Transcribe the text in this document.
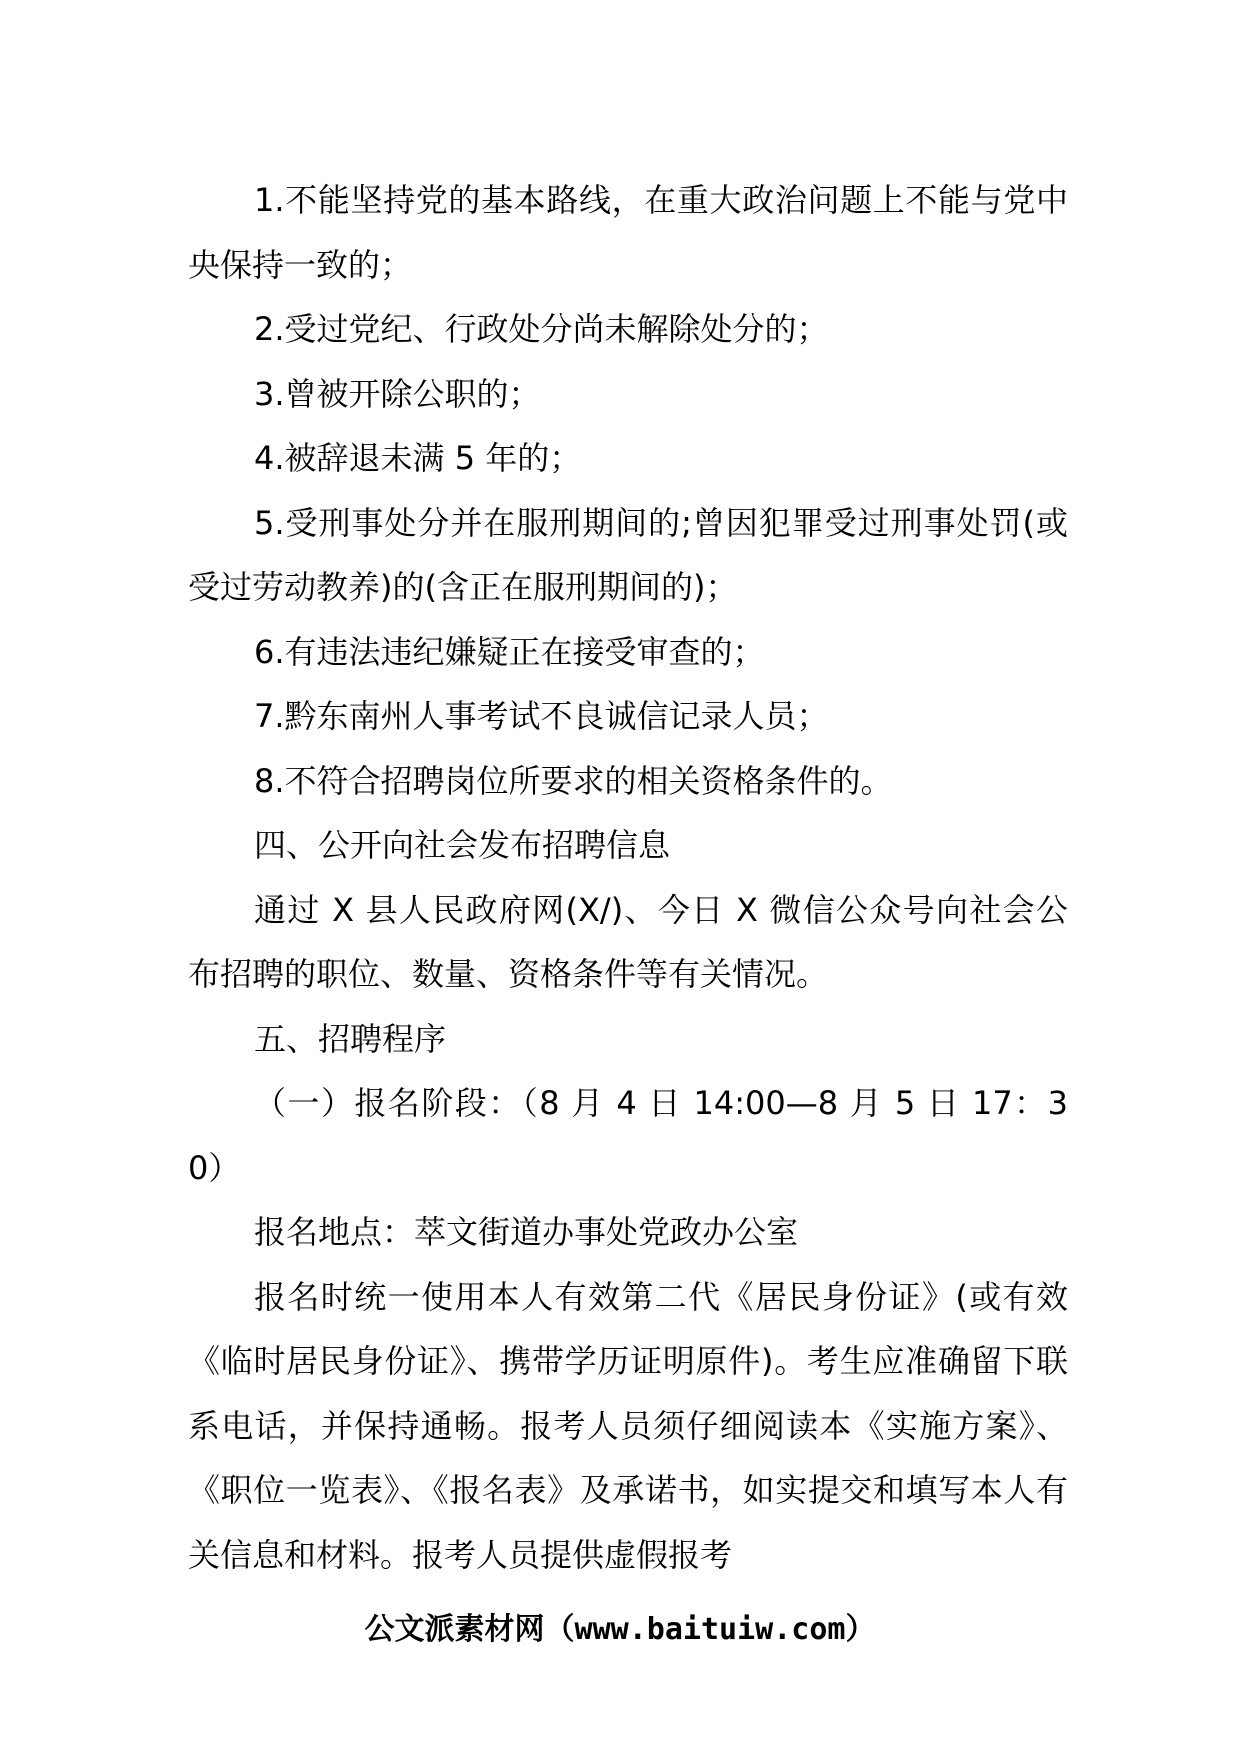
1.不能坚持党的基本路线，在重大政治问题上不能与党中央保持一致的；

2.受过党纪、行政处分尚未解除处分的；

3.曾被开除公职的；

4.被辞退未满 5 年的；

5.受刑事处分并在服刑期间的;曾因犯罪受过刑事处罚(或受过劳动教养)的(含正在服刑期间的)；

6.有违法违纪嫌疑正在接受审查的；

7.黔东南州人事考试不良诚信记录人员；

8.不符合招聘岗位所要求的相关资格条件的。

四、公开向社会发布招聘信息

通过 X 县人民政府网(X/)、今日 X 微信公众号向社会公布招聘的职位、数量、资格条件等有关情况。

五、招聘程序

（一）报名阶段：（8 月 4 日 14:00—8 月 5 日 17：30）

报名地点：萃文街道办事处党政办公室

报名时统一使用本人有效第二代《居民身份证》(或有效《临时居民身份证》、携带学历证明原件)。考生应准确留下联系电话，并保持通畅。报考人员须仔细阅读本《实施方案》、《职位一览表》、《报名表》及承诺书，如实提交和填写本人有关信息和材料。报考人员提供虚假报考

公文派素材网（www.baituiw.com）
